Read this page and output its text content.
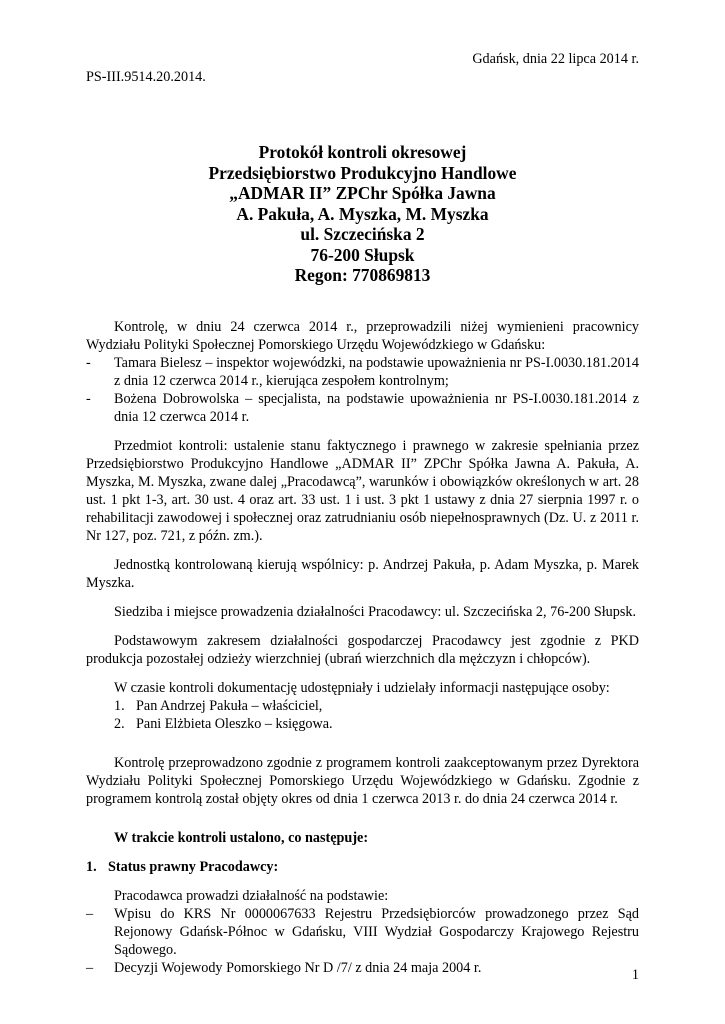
Gdańsk, dnia 22 lipca 2014 r.
PS-III.9514.20.2014.
Protokół kontroli okresowej
Przedsiębiorstwo Produkcyjno Handlowe
„ADMAR II” ZPChr Spółka Jawna
A. Pakuła, A. Myszka, M. Myszka
ul. Szczecińska 2
76-200 Słupsk
Regon: 770869813

Kontrolę, w dniu 24 czerwca 2014 r., przeprowadzili niżej wymienieni pracownicy Wydziału Polityki Społecznej Pomorskiego Urzędu Wojewódzkiego w Gdańsku:

- Tamara Bielesz – inspektor wojewódzki, na podstawie upoważnienia nr PS-I.0030.181.2014 z dnia 12 czerwca 2014 r., kierująca zespołem kontrolnym;
- Bożena Dobrowolska – specjalista, na podstawie upoważnienia nr PS-I.0030.181.2014 z dnia 12 czerwca 2014 r.

Przedmiot kontroli: ustalenie stanu faktycznego i prawnego w zakresie spełniania przez Przedsiębiorstwo Produkcyjno Handlowe „ADMAR II” ZPChr Spółka Jawna A. Pakuła, A. Myszka, M. Myszka, zwane dalej „Pracodawcą”, warunków i obowiązków określonych w art. 28 ust. 1 pkt 1-3, art. 30 ust. 4 oraz art. 33 ust. 1 i ust. 3 pkt 1 ustawy z dnia 27 sierpnia 1997 r. o rehabilitacji zawodowej i społecznej oraz zatrudnianiu osób niepełnosprawnych (Dz. U. z 2011 r. Nr 127, poz. 721, z późn. zm.).

Jednostką kontrolowaną kierują wspólnicy: p. Andrzej Pakuła, p. Adam Myszka, p. Marek Myszka.

Siedziba i miejsce prowadzenia działalności Pracodawcy: ul. Szczecińska 2, 76-200 Słupsk.

Podstawowym zakresem działalności gospodarczej Pracodawcy jest zgodnie z PKD produkcja pozostałej odzieży wierzchniej (ubrań wierzchnich dla mężczyzn i chłopców).

W czasie kontroli dokumentację udostępniały i udzielały informacji następujące osoby:

1. Pan Andrzej Pakuła – właściciel,
2. Pani Elżbieta Oleszko – księgowa.

Kontrolę przeprowadzono zgodnie z programem kontroli zaakceptowanym przez Dyrektora Wydziału Polityki Społecznej Pomorskiego Urzędu Wojewódzkiego w Gdańsku. Zgodnie z programem kontrolą został objęty okres od dnia 1 czerwca 2013 r. do dnia 24 czerwca 2014 r.

W trakcie kontroli ustalono, co następuje:

1. Status prawny Pracodawcy:

Pracodawca prowadzi działalność na podstawie:

– Wpisu do KRS Nr 0000067633 Rejestru Przedsiębiorców prowadzonego przez Sąd Rejonowy Gdańsk-Północ w Gdańsku, VIII Wydział Gospodarczy Krajowego Rejestru Sądowego.
– Decyzji Wojewody Pomorskiego Nr D /7/ z dnia 24 maja 2004 r.	1
